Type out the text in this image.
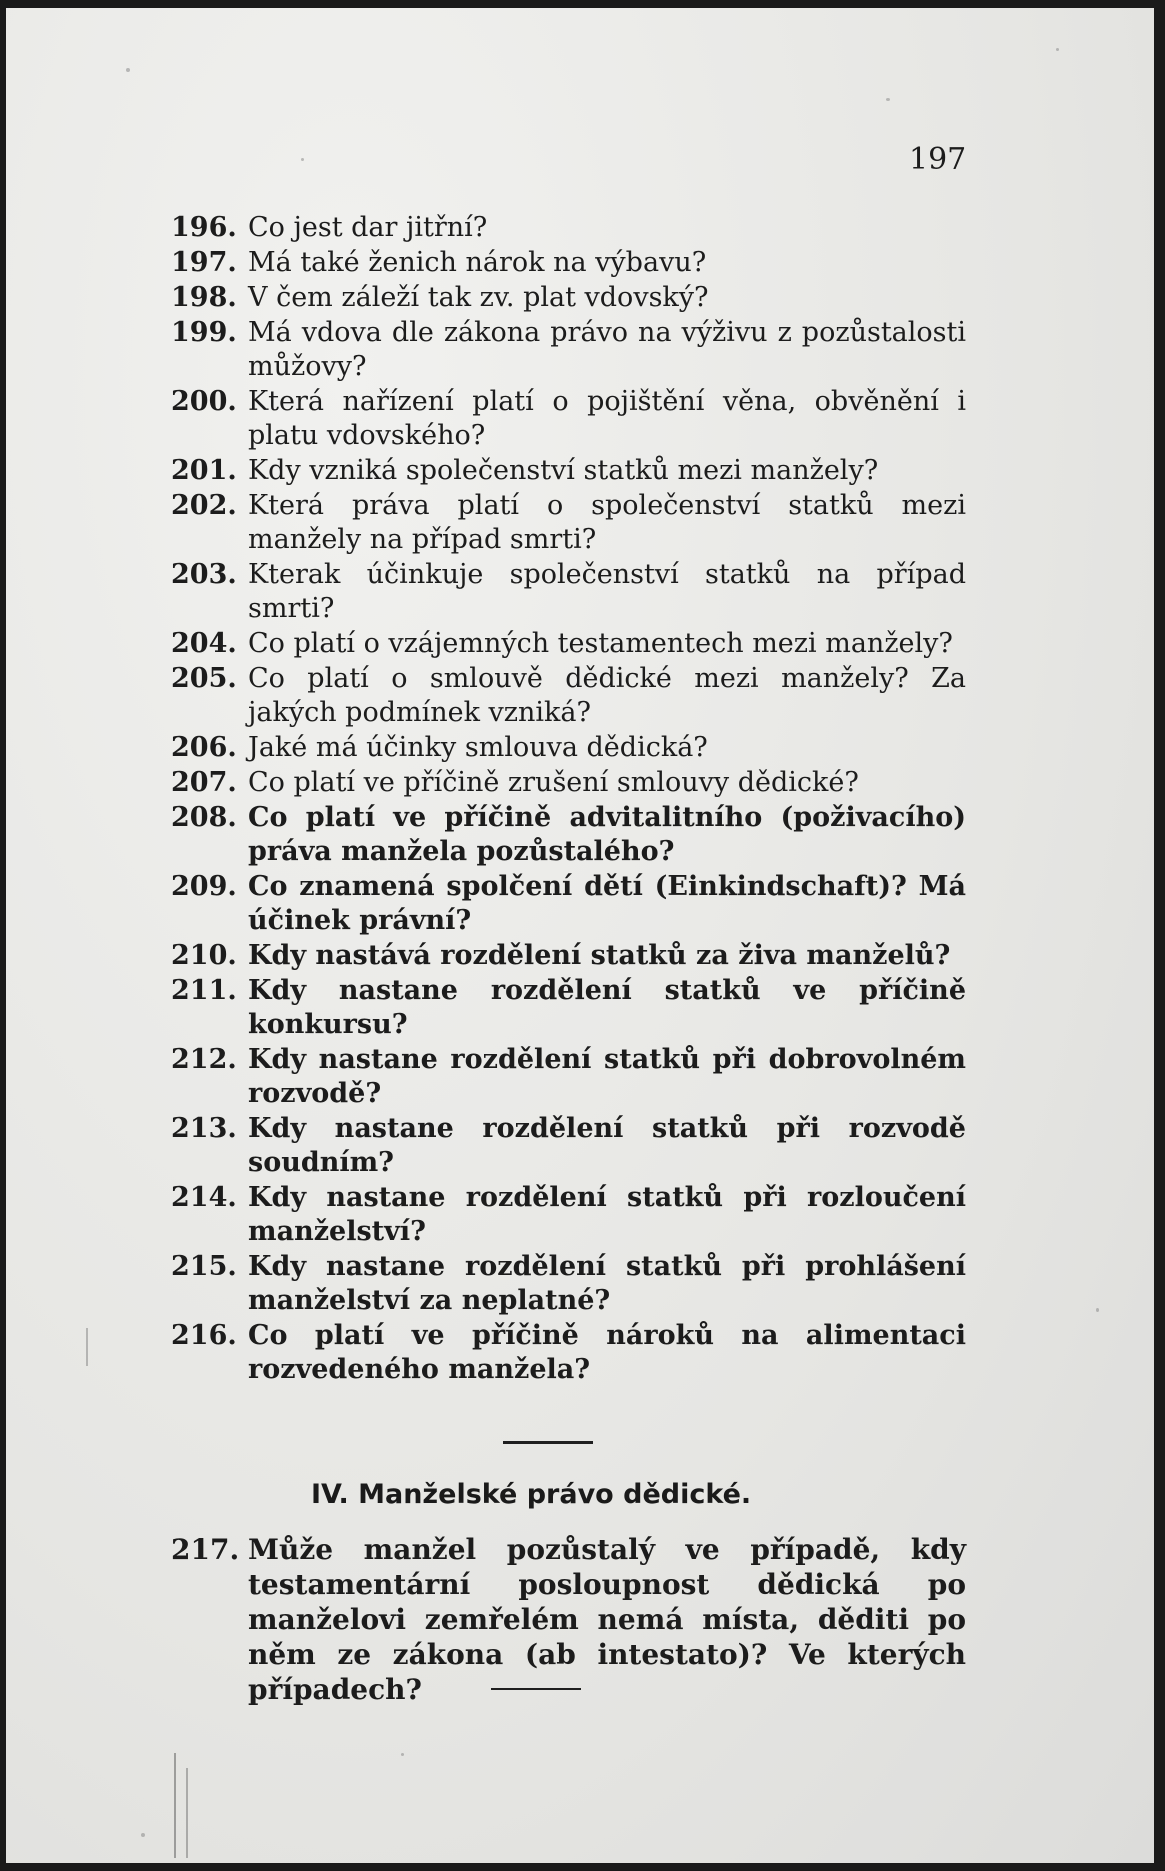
197
196. Co jest dar jitřní?
197. Má také ženich nárok na výbavu?
198. V čem záleží tak zv. plat vdovský?
199. Má vdova dle zákona právo na výživu z pozůstalosti můžovy?
200. Která nařízení platí o pojištění věna, obvěnění i platu vdovského?
201. Kdy vzniká společenství statků mezi manžely?
202. Která práva platí o společenství statků mezi manžely na případ smrti?
203. Kterak účinkuje společenství statků na případ smrti?
204. Co platí o vzájemných testamentech mezi manžely?
205. Co platí o smlouvě dědické mezi manžely? Za jakých podmínek vzniká?
206. Jaké má účinky smlouva dědická?
207. Co platí ve příčině zrušení smlouvy dědické?
208. Co platí ve příčině advitalitního (poživacího) práva manžela pozůstalého?
209. Co znamená spolčení dětí (Einkindschaft)? Má účinek právní?
210. Kdy nastává rozdělení statků za živa manželů?
211. Kdy nastane rozdělení statků ve příčině konkursu?
212. Kdy nastane rozdělení statků při dobrovolném rozvodě?
213. Kdy nastane rozdělení statků při rozvodě soudním?
214. Kdy nastane rozdělení statků při rozloučení manželství?
215. Kdy nastane rozdělení statků při prohlášení manželství za neplatné?
216. Co platí ve příčině nároků na alimentaci rozvedeného manžela?
IV. Manželské právo dědické.
217. Může manžel pozůstalý ve případě, kdy testamentární posloupnost dědická po manželovi zemřelém nemá místa, děditi po něm ze zákona (ab intestato)? Ve kterých případech?
